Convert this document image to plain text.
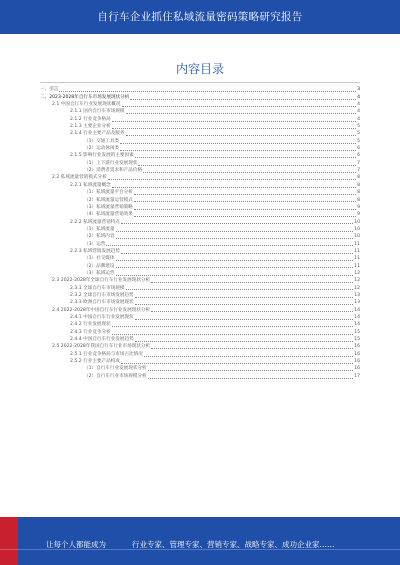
自行车企业抓住私域流量密码策略研究报告
内容目录
一、引言	3
二、2023-2028年自行车市场发展现状分析	4
2.1 中国自行车行业发展现状概况	4
2.1.1 国内自行车市场规模	4
2.1.2 行业竞争格局	4
2.1.3 主要企业分析	5
2.1.4 行业主要产品及服务	5
（1）交通工具类	5
（2）运动休闲类	6
2.1.5 影响行业发展的主要因素	6
（1）上下游行业发展现状	7
（2）消费者需求和产品价格	7
2.2 私域流量营销模式分析	8
2.2.1 私域流量概念	8
（1）私域流量平台分析	8
（2）私域流量运营模式	8
（3）私域流量营销策略	9
（4）私域流量营销效果	9
2.2.2 私域流量营销特点	10
（1）私域流量	10
（2）私域内容	10
（3）运营	11
2.2.3 私域营销发展趋势	11
（1）社交媒体	11
（2）品牌建设	11
（3）私域运营	12
2.3 2022-2028年全球自行车行业发展现状分析	12
2.3.1 全球自行车市场规模	12
2.3.2 全球自行车市场发展趋势	13
2.3.3 欧洲自行车市场发展现状	13
2.4 2022-2028年中国自行车行业发展现状分析	14
2.4.1 中国自行车行业发展现状	14
2.4.2 行业发展现状	14
2.4.3 行业竞争分析	15
2.4.4 中国自行车行业发展趋势	15
2.5 2022-2028年我国自行车行业市场现状分析	16
2.5.1 行业竞争格局与市场占比情况	16
2.5.2 行业主要产品构成	16
（1）自行车行业发展现状分析	16
（2）自行车行业市场规模分析	17
让每个人都能成为	行业专家、管理专家、营销专家、战略专家、成功企业家……
